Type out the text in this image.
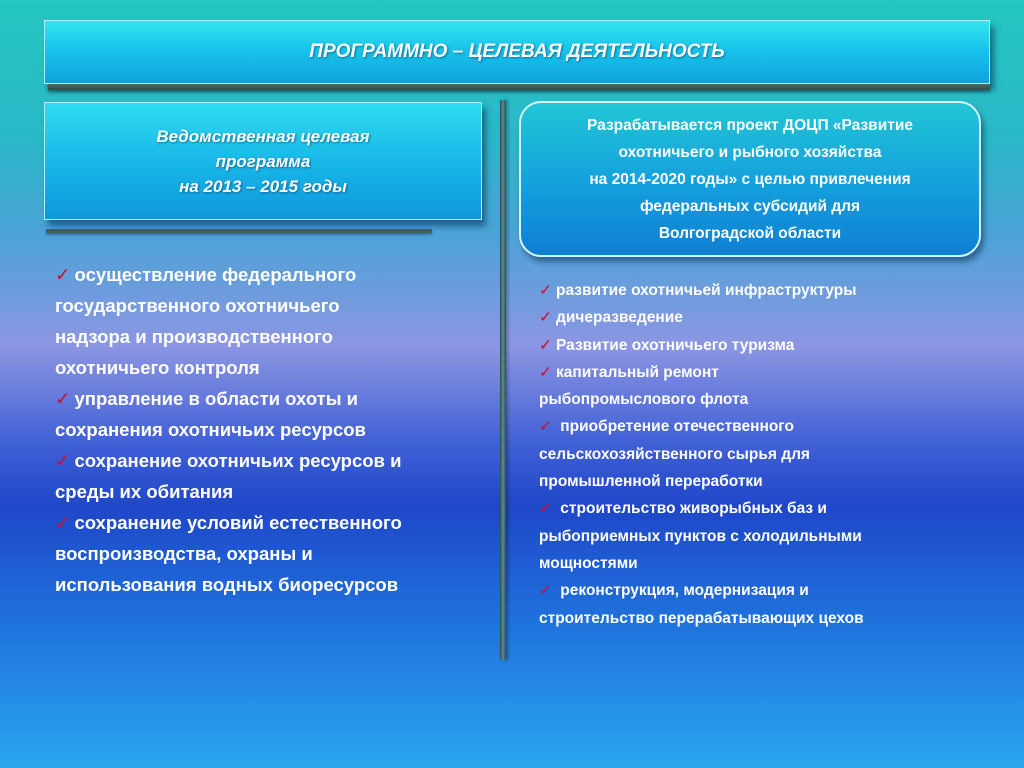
ПРОГРАММНО – ЦЕЛЕВАЯ ДЕЯТЕЛЬНОСТЬ
Ведомственная целевая
программа
на 2013 – 2015 годы
Разрабатывается проект ДОЦП «Развитие
охотничьего и рыбного хозяйства
на 2014-2020 годы» с целью привлечения
федеральных субсидий для
Волгоградской области
✓ осуществление федерального
государственного охотничьего
надзора и производственного
охотничьего контроля
✓ управление в области охоты и
сохранения охотничьих ресурсов
✓ сохранение охотничьих ресурсов и
среды их обитания
✓ сохранение условий естественного
воспроизводства, охраны и
использования водных биоресурсов
✓ развитие охотничьей инфраструктуры
✓ дичеразведение
✓ Развитие охотничьего туризма
✓ капитальный ремонт
рыбопромыслового флота
✓ приобретение отечественного
сельскохозяйственного сырья для
промышленной переработки
✓ строительство живорыбных баз и
рыбоприемных пунктов с холодильными
мощностями
✓ реконструкция, модернизация и
строительство перерабатывающих цехов
